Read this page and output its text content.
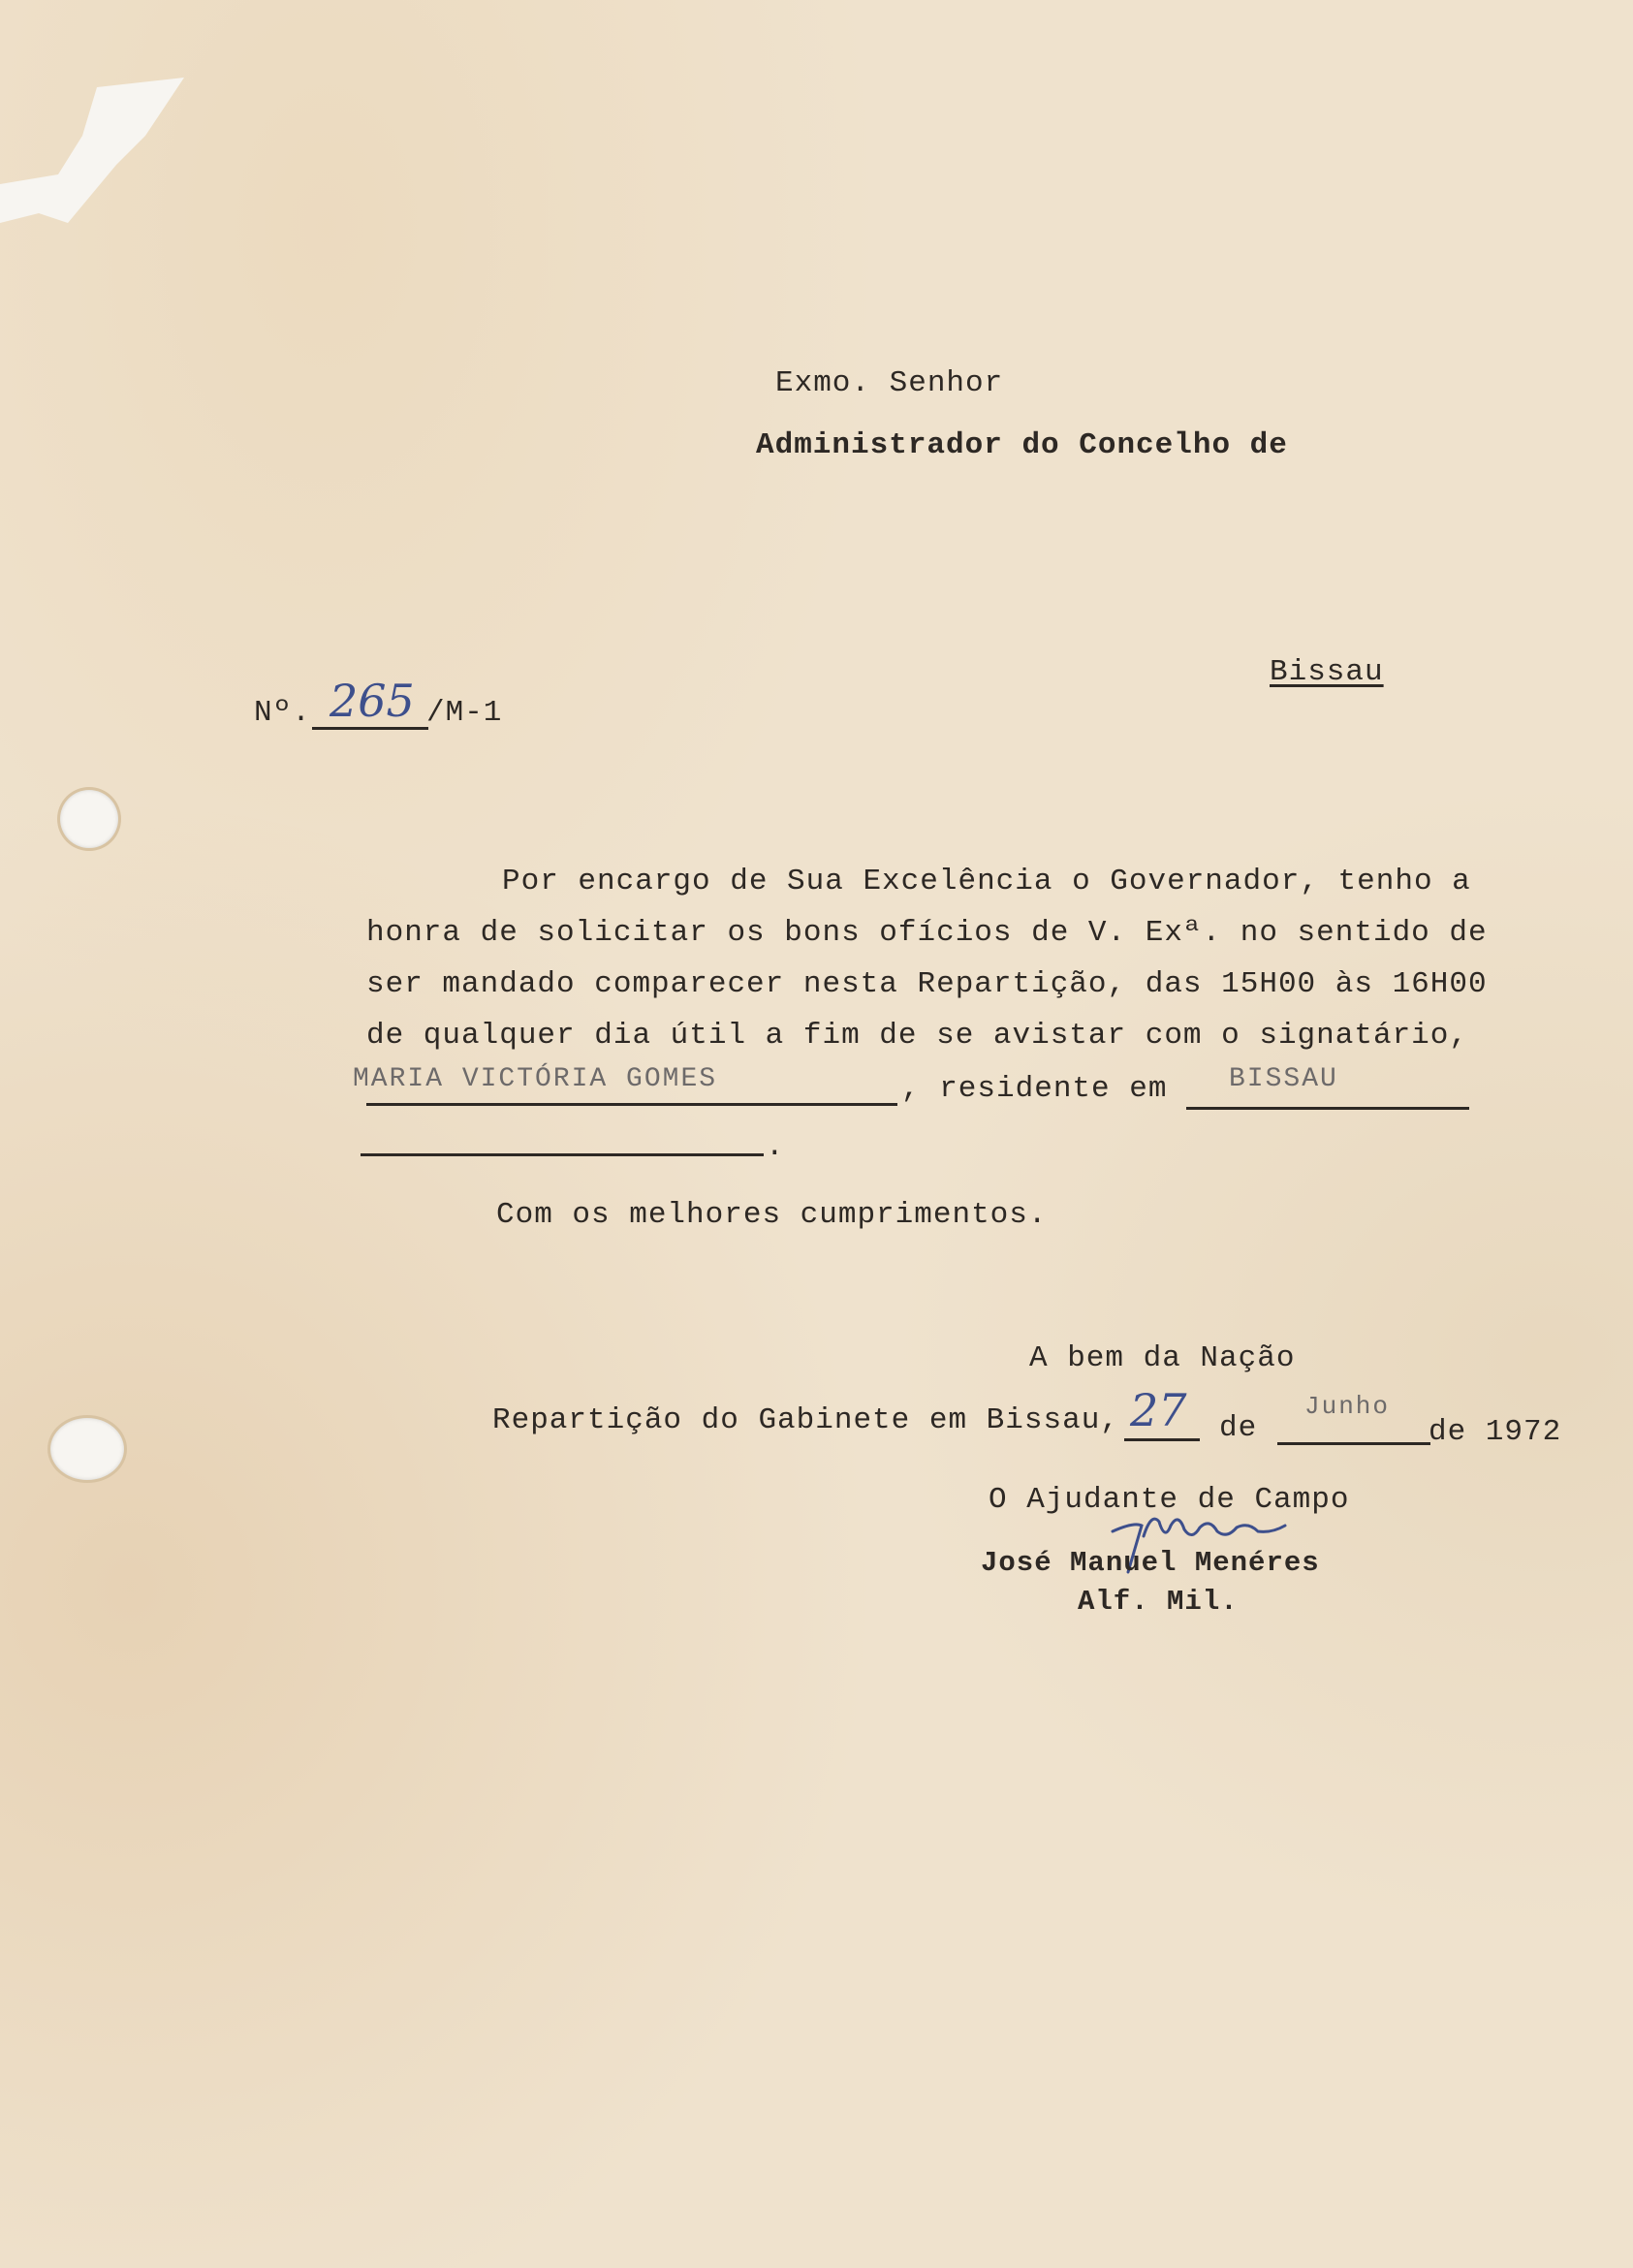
Exmo. Senhor
Administrador do Concelho de
Bissau
Nº. 265 /M-1
Por encargo de Sua Excelência o Governador, tenho a
honra de solicitar os bons ofícios de V. Exª. no sentido de
ser mandado comparecer nesta Repartição, das 15H00 às 16H00
de qualquer dia útil a fim de se avistar com o signatário,
MARIA VICTÓRIA GOMES	, residente em BISSAU
.
Com os melhores cumprimentos.
A bem da Nação
Repartição do Gabinete em Bissau, 27 de
Junho
de 1972
O Ajudante de Campo
José Manuel Menéres
Alf. Mil.
